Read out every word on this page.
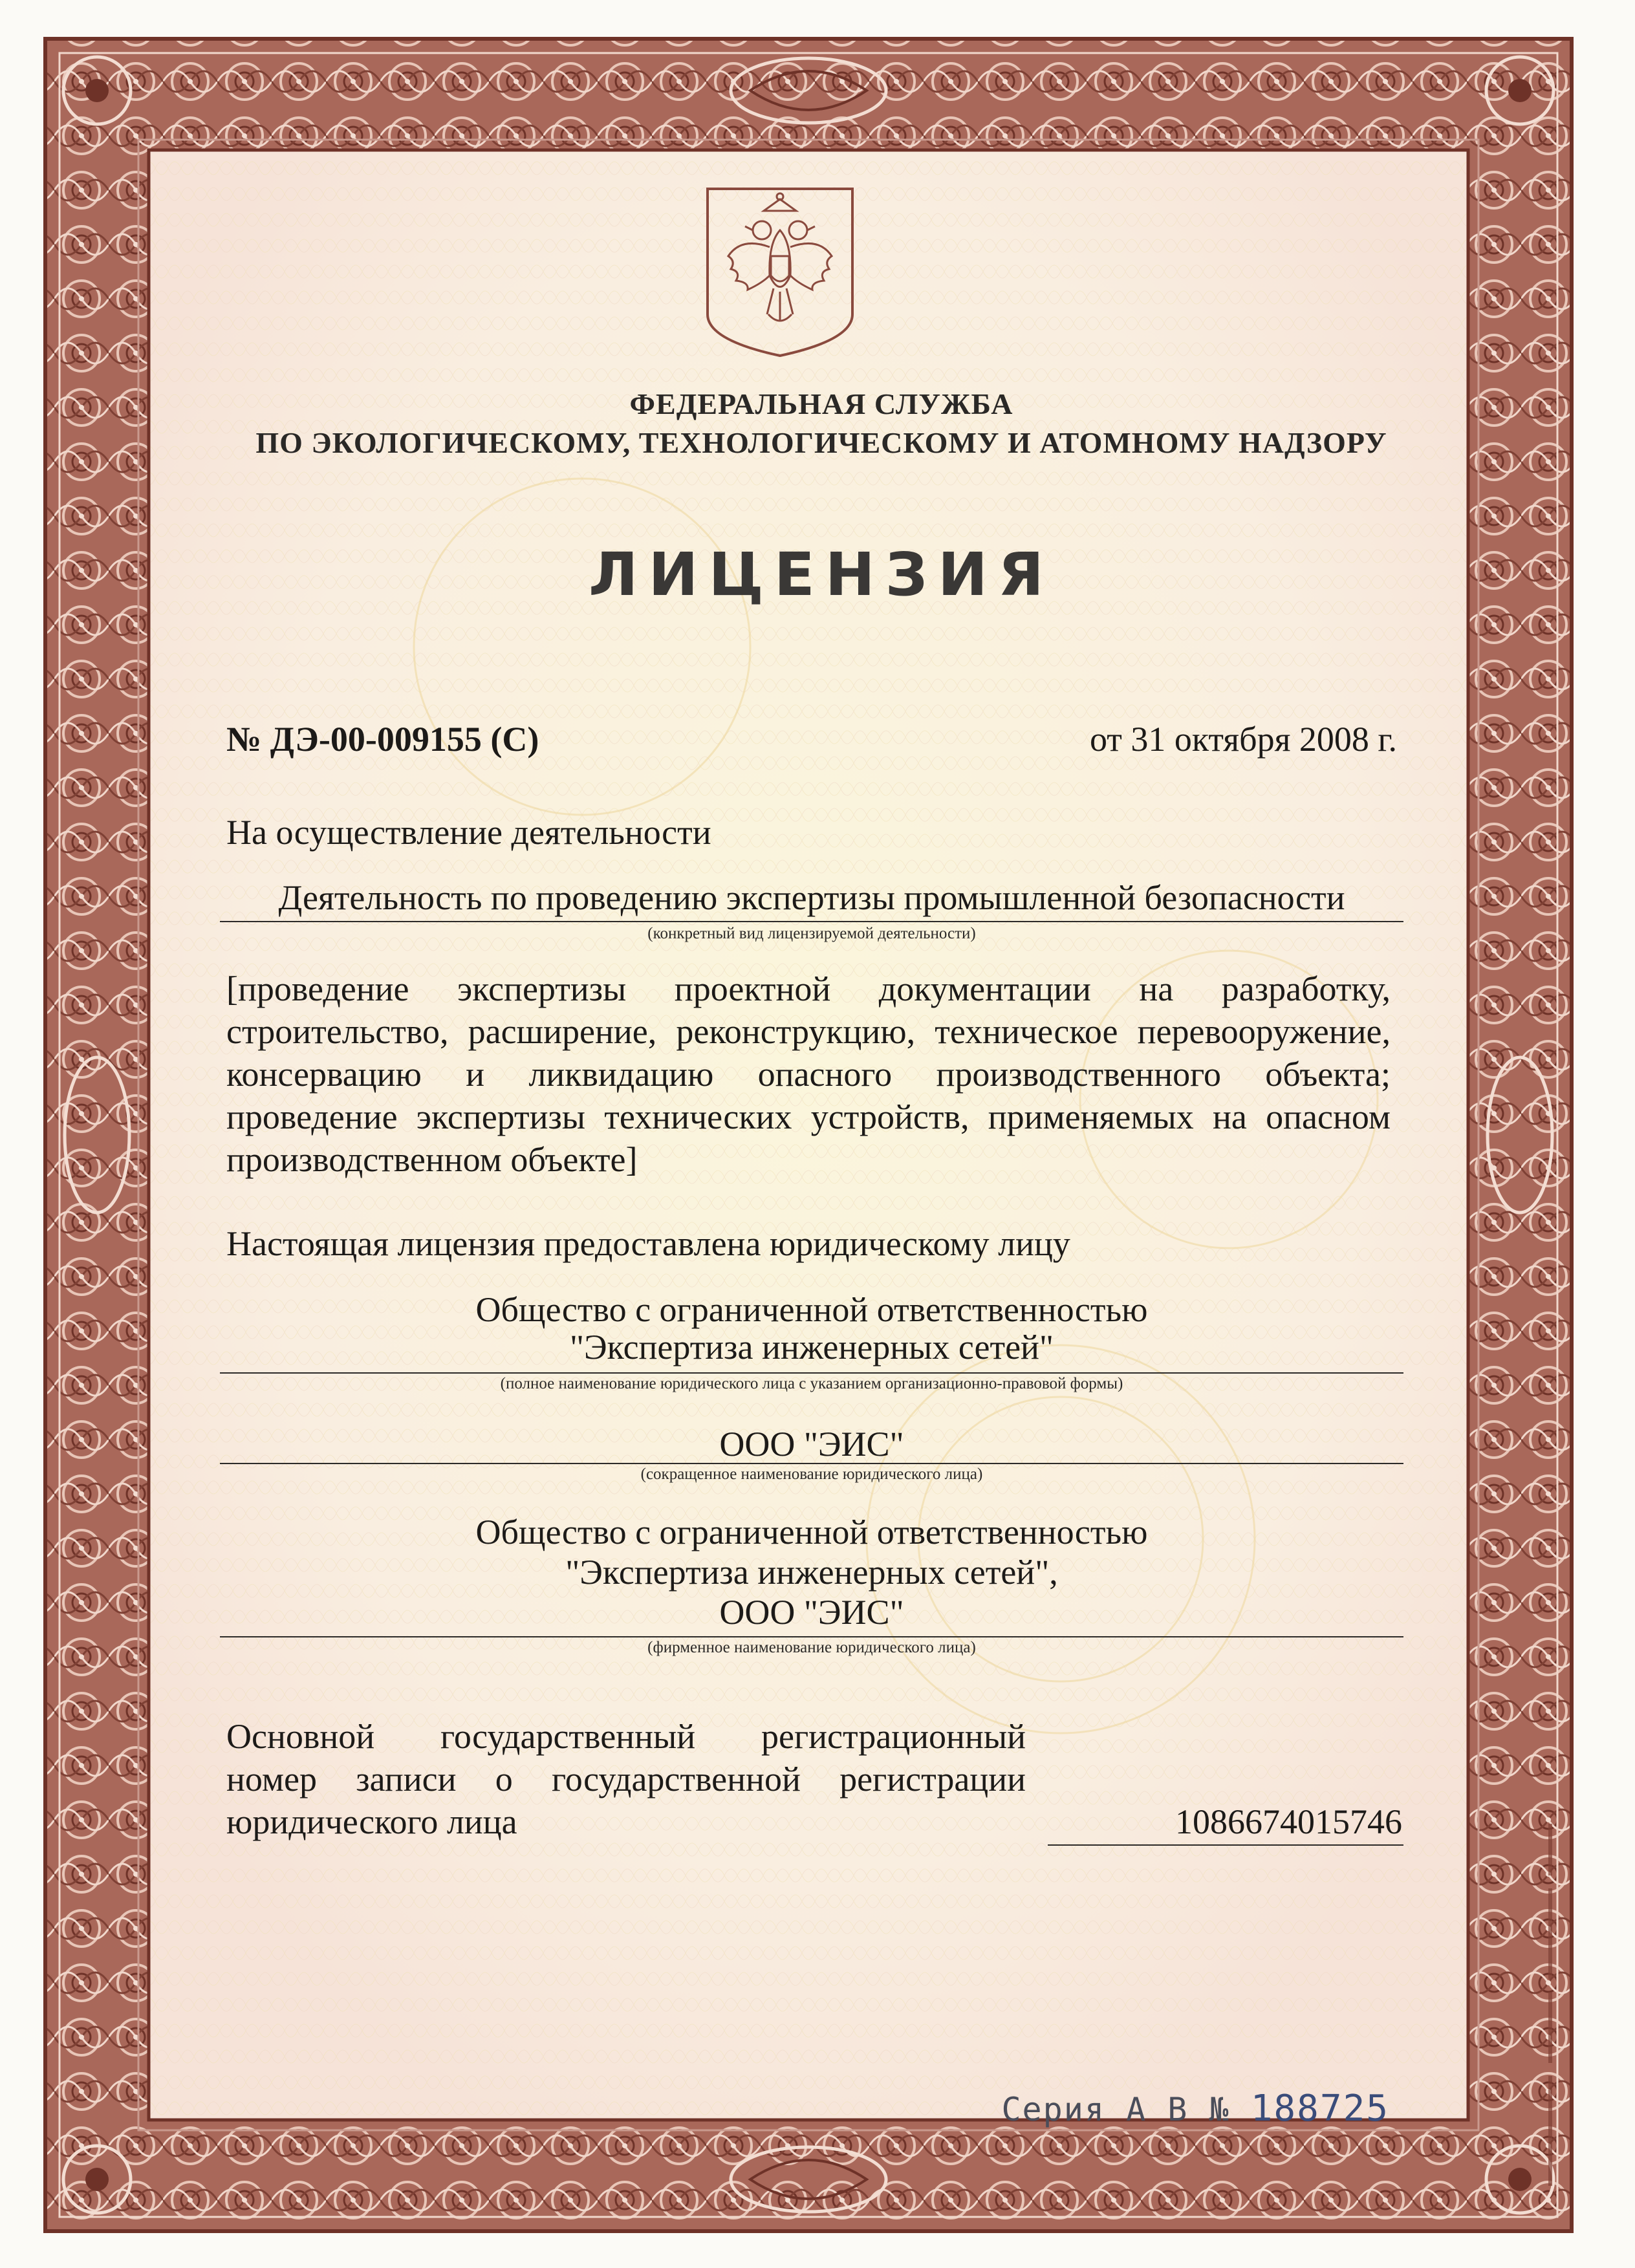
ФЕДЕРАЛЬНАЯ СЛУЖБА
ПО ЭКОЛОГИЧЕСКОМУ, ТЕХНОЛОГИЧЕСКОМУ И АТОМНОМУ НАДЗОРУ
ЛИЦЕНЗИЯ
№ ДЭ-00-009155 (С)	от 31 октября 2008 г.
На осуществление деятельности
Деятельность по проведению экспертизы промышленной безопасности
(конкретный вид лицензируемой деятельности)
[проведение экспертизы проектной документации на разработку, строительство, расширение, реконструкцию, техническое перевооружение, консервацию и ликвидацию опасного производственного объекта; проведение экспертизы технических устройств, применяемых на опасном производственном объекте]
Настоящая лицензия предоставлена юридическому лицу
Общество с ограниченной ответственностью
"Экспертиза инженерных сетей"
(полное наименование юридического лица с указанием организационно-правовой формы)
ООО "ЭИС"
(сокращенное наименование юридического лица)
Общество с ограниченной ответственностью
"Экспертиза инженерных сетей",
ООО "ЭИС"
(фирменное наименование юридического лица)
Основной государственный регистрационный
номер записи о государственной регистрации
юридического лица	1086674015746
Серия А В № 188725
